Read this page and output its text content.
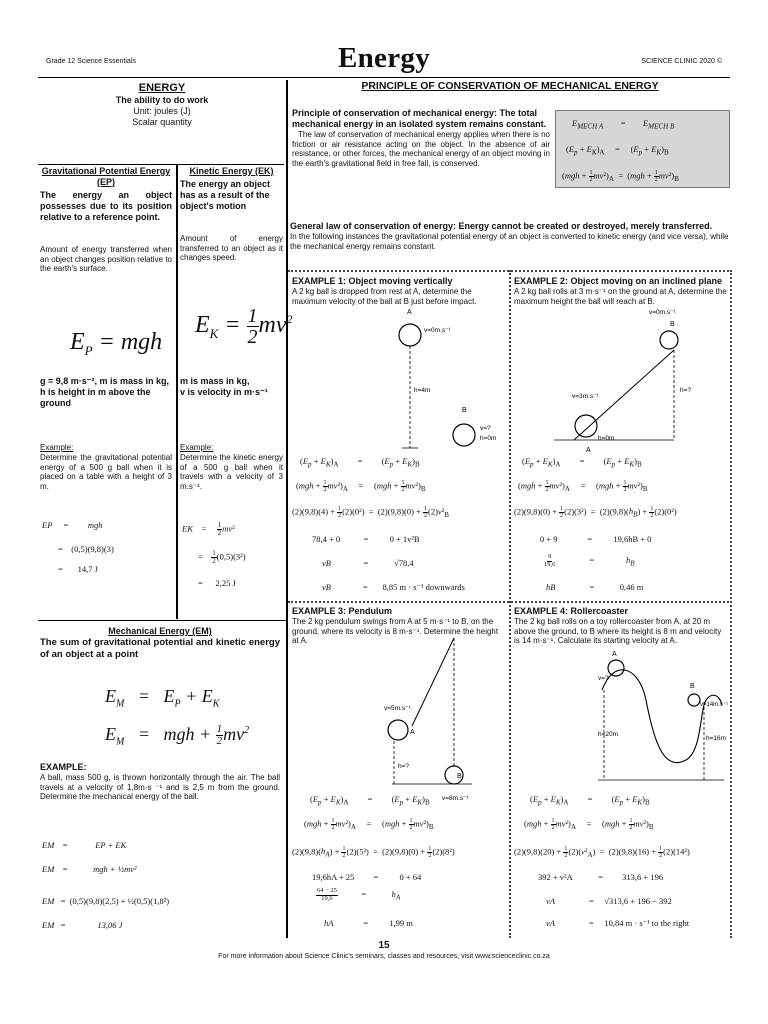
Grade 12 Science Essentials	Energy	SCIENCE CLINIC 2020 ©
ENERGY
The ability to do work
Unit: joules (J)
Scalar quantity
Gravitational Potential Energy (EP)
The energy an object possesses due to its position relative to a reference point.
Amount of energy transferred when an object changes position relative to the earth's surface.
$E_P$ = mgh
g = 9,8 m·s⁻², m is mass in kg,
h is height in m above the ground
Example:
Determine the gravitational potential energy of a 500 g ball when it is placed on a table with a height of 3 m.
EP     =         mgh
=    (0,5)(9,8)(3)
=       14,7 J
Kinetic Energy (EK)
The energy an object has as a result of the object's motion
Amount of energy transferred to an object as it changes speed.
$E_K = \frac{1}{2} mv^2$
m is mass in kg,
v is velocity in m·s⁻¹
Example:
Determine the kinetic energy of a 500 g ball when it travels with a velocity of 3 m.s⁻¹.
EK    = $\frac{1}{2} mv^2$
= $\frac{1}{2} (0,5)(3^2)$
=      2,25 J
Mechanical Energy (EM)
The sum of gravitational potential and kinetic energy of an object at a point
$E_M = E_P + E_K$
$E_M$   =   mgh + $\frac{1}{2} mv^2$
EXAMPLE:
A ball, mass 500 g, is thrown horizontally through the air. The ball travels at a velocity of 1,8m·s ⁻¹ and is 2,5 m from the ground. Determine the mechanical energy of the ball.
EM    =             EP + EK
EM    =            mgh + ½mv²
EM   =  (0,5)(9,8)(2,5) + ½(0,5)(1,8²)
EM   =               13,06 J
PRINCIPLE OF CONSERVATION OF MECHANICAL ENERGY
Principle of conservation of mechanical energy: The total mechanical energy in an isolated system remains constant.
The law of conservation of mechanical energy applies when there is no friction or air resistance acting on the object. In the absence of air resistance, or other forces, the mechanical energy of an object moving in the earth's gravitational field in free fall, is conserved.
$E_{MECH A}$        =        $E_{MECH B}$
$(E_p + E_K)_A$     =     $(E_p + E_K)_B$
$(mgh + \frac{1}{2} mv^2)_A = (mgh + \frac{1}{2} mv^2)_B$
General law of conservation of energy: Energy cannot be created or destroyed, merely transferred.
In the following instances the gravitational potential energy of an object is converted to kinetic energy (and vice versa), while the mechanical energy remains constant.
EXAMPLE 1: Object moving vertically
A 2 kg ball is dropped from rest at A, determine the maximum velocity of the ball at B just before impact.
A
v=0m.s⁻¹
h=4m
B
v=?
h=0m
$(E_p + E_K)_A$         =         $(E_p + E_K)_B$
$(mgh + \frac{1}{2} mv^2)_A$     =     $(mgh + \frac{1}{2} mv^2)_B$
$(2)(9,8)(4) + \frac{1}{2} (2)(0^2) = (2)(9,8)(0) + \frac{1}{2} (2)v^2_B$
78,4 + 0           =          0 + 1v²B
vB               =            √78,4
vB               =       8,85 m · s⁻¹ downwards
EXAMPLE 2: Object moving on an inclined plane
A 2 kg ball rolls at 3 m·s⁻¹ on the ground at A, determine the maximum height the ball will reach at B.
v=0m.s⁻¹
B
h=?
v=3m.s⁻¹
h=0m
A
$(E_p + E_K)_A$         =         $(E_p + E_K)_B$
$(mgh + \frac{1}{2} mv^2)_A$     =     $(mgh + \frac{1}{2} mv^2)_B$
$(2)(9,8)(0) + \frac{1}{2} (2)(3^2) = (2)(9,8)(h_B) + \frac{1}{2} (2)(0^2)$
0 + 9              =          19,6hB + 0
$\frac{9}{19,6}$ =               $h_B$
hB                =            0,46 m
EXAMPLE 3: Pendulum
The 2 kg pendulum swings from A at 5 m·s⁻¹ to B, on the ground, where its velocity is 8 m·s⁻¹. Determine the height at A.
v=5m.s⁻¹
A
h=?
B
v=8m.s⁻¹
$(E_p + E_K)_A$         =         $(E_p + E_K)_B$
$(mgh + \frac{1}{2} mv^2)_A$     =     $(mgh + \frac{1}{2} mv^2)_B$
$(2)(9,8)(h_A) + \frac{1}{2} (2)(5^2) = (2)(9,8)(0) + \frac{1}{2} (2)(8^2)$
19,6hA + 25         =          0 + 64
$\frac{64 - 25}{19,6}$ =            $h_A$
hA              =          1,99 m
EXAMPLE 4: Rollercoaster
The 2 kg ball rolls on a toy rollercoaster from A, at 20 m above the ground, to B where its height is 8 m and velocity is 14 m·s⁻¹. Calculate its starting velocity at A.
A
v=?
B
v=14m.s⁻¹
h=20m
h=16m
$(E_p + E_K)_A$         =         $(E_p + E_K)_B$
$(mgh + \frac{1}{2} mv^2)_A$     =     $(mgh + \frac{1}{2} mv^2)_B$
$(2)(9,8)(20) + \frac{1}{2} (2)(v^2_A) = (2)(9,8)(16) + \frac{1}{2} (2)(14^2)$
392 + v²A            =         313,6 + 196
vA                =     √313,6 + 196 − 392
vA                =     10,84 m · s⁻¹ to the right
15
For more information about Science Clinic's seminars, classes and resources, visit www.scienceclinic.co.za
